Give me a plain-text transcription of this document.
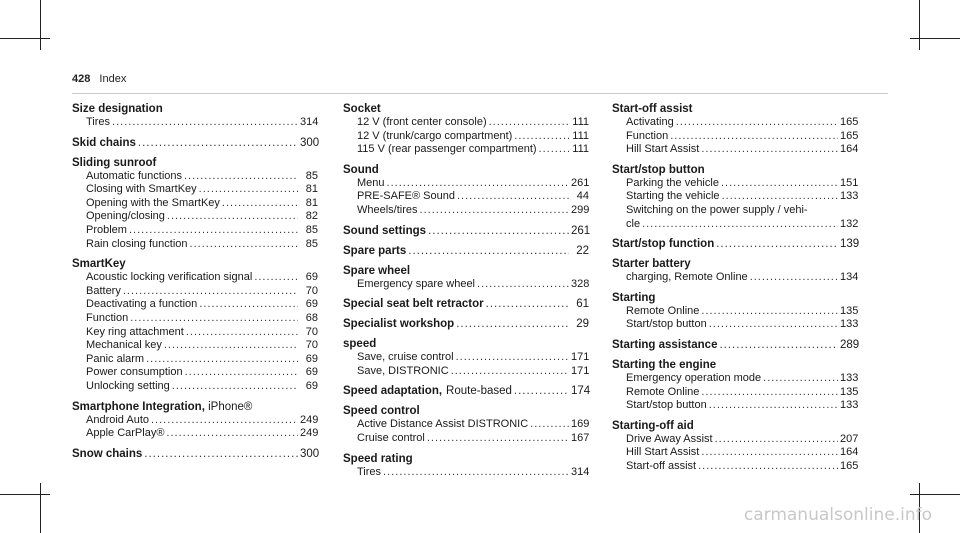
428 Index
Size designation
Tires .....	314
Skid chains .....	300
Sliding sunroof
Automatic functions .....	85
Closing with SmartKey .....	81
Opening with the SmartKey .....	81
Opening/closing .....	82
Problem .....	85
Rain closing function .....	85
SmartKey
Acoustic locking verification signal .....	69
Battery .....	70
Deactivating a function .....	69
Function .....	68
Key ring attachment .....	70
Mechanical key .....	70
Panic alarm .....	69
Power consumption .....	69
Unlocking setting .....	69
Smartphone Integration, iPhone®
Android Auto .....	249
Apple CarPlay® .....	249
Snow chains .....	300
Socket
12 V (front center console) .....	111
12 V (trunk/cargo compartment) .....	111
115 V (rear passenger compartment) .....	111
Sound
Menu .....	261
PRE-SAFE® Sound .....	44
Wheels/tires .....	299
Sound settings .....	261
Spare parts .....	22
Spare wheel
Emergency spare wheel .....	328
Special seat belt retractor .....	61
Specialist workshop .....	29
speed
Save, cruise control .....	171
Save, DISTRONIC .....	171
Speed adaptation, Route-based .....	174
Speed control
Active Distance Assist DISTRONIC .....	169
Cruise control .....	167
Speed rating
Tires .....	314
Start-off assist
Activating .....	165
Function .....	165
Hill Start Assist .....	164
Start/stop button
Parking the vehicle .....	151
Starting the vehicle .....	133
Switching on the power supply / vehi-
cle .....	132
Start/stop function .....	139
Starter battery
charging, Remote Online .....	134
Starting
Remote Online .....	135
Start/stop button .....	133
Starting assistance .....	289
Starting the engine
Emergency operation mode .....	133
Remote Online .....	135
Start/stop button .....	133
Starting-off aid
Drive Away Assist .....	207
Hill Start Assist .....	164
Start-off assist .....	165
carmanualsonline.info
